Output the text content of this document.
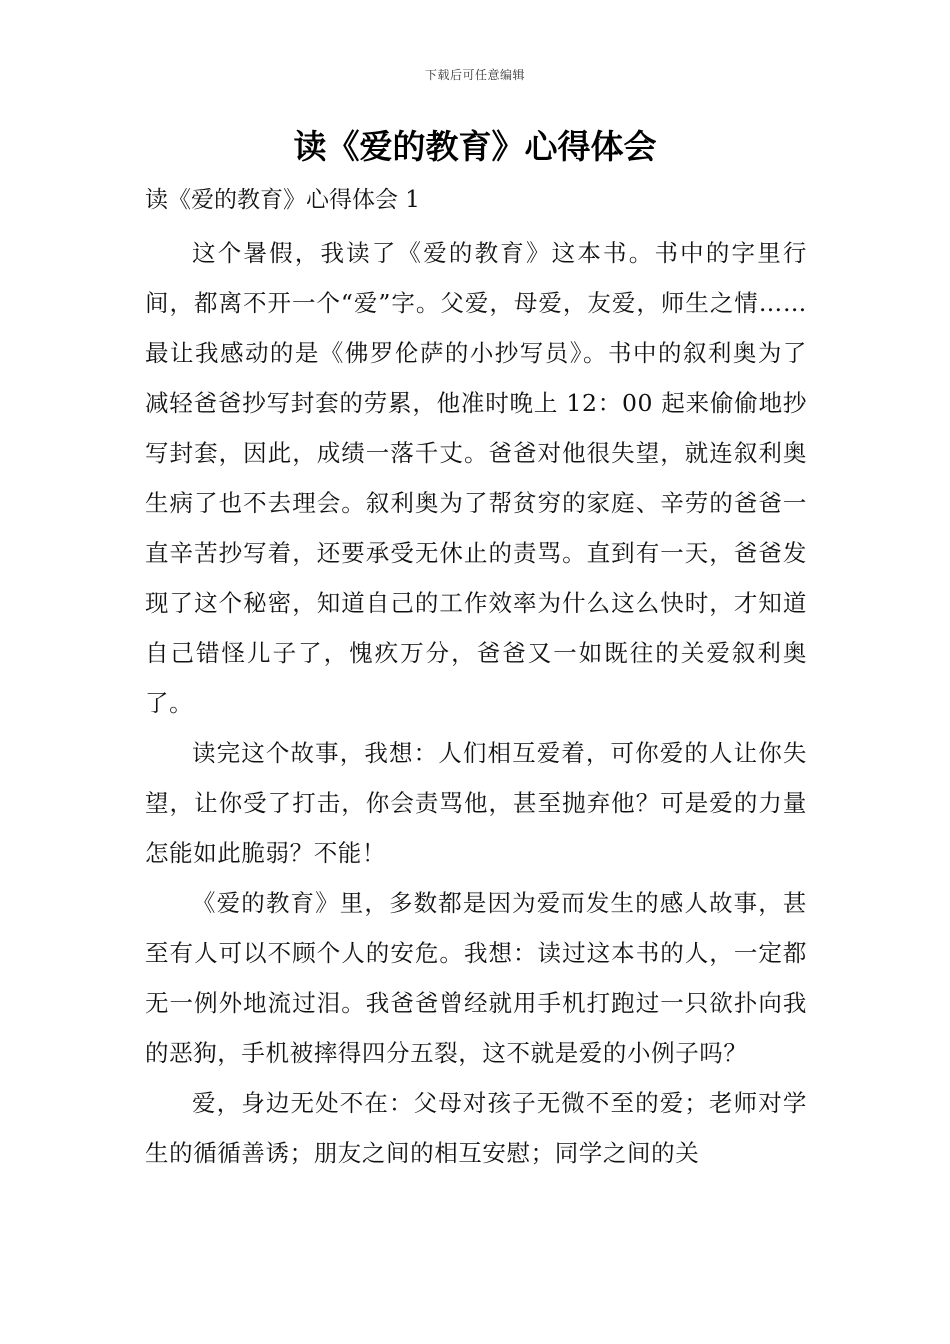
下载后可任意编辑
读《爱的教育》心得体会

读《爱的教育》心得体会 1

这个暑假，我读了《爱的教育》这本书。书中的字里行间，都离不开一个“爱”字。父爱，母爱，友爱，师生之情……最让我感动的是《佛罗伦萨的小抄写员》。书中的叙利奥为了减轻爸爸抄写封套的劳累，他准时晚上 12：00 起来偷偷地抄写封套，因此，成绩一落千丈。爸爸对他很失望，就连叙利奥生病了也不去理会。叙利奥为了帮贫穷的家庭、辛劳的爸爸一直辛苦抄写着，还要承受无休止的责骂。直到有一天，爸爸发现了这个秘密，知道自己的工作效率为什么这么快时，才知道自己错怪儿子了，愧疚万分，爸爸又一如既往的关爱叙利奥了。

读完这个故事，我想：人们相互爱着，可你爱的人让你失望，让你受了打击，你会责骂他，甚至抛弃他？可是爱的力量怎能如此脆弱？不能！

《爱的教育》里，多数都是因为爱而发生的感人故事，甚至有人可以不顾个人的安危。我想：读过这本书的人，一定都无一例外地流过泪。我爸爸曾经就用手机打跑过一只欲扑向我的恶狗，手机被摔得四分五裂，这不就是爱的小例子吗？

爱，身边无处不在：父母对孩子无微不至的爱；老师对学生的循循善诱；朋友之间的相互安慰；同学之间的关
